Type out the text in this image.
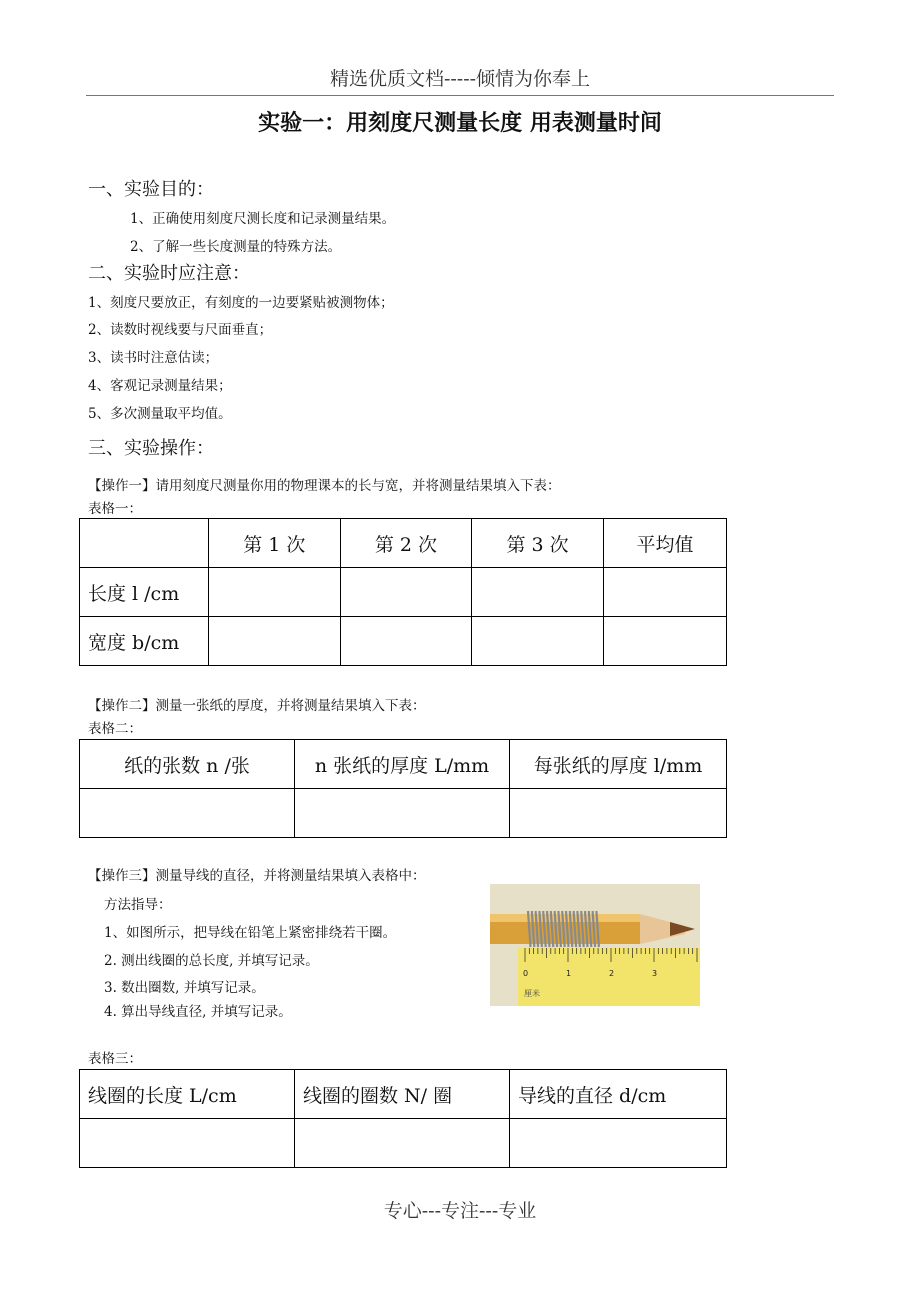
精选优质文档-----倾情为你奉上
实验一：用刻度尺测量长度 用表测量时间
一、实验目的：
1、正确使用刻度尺测长度和记录测量结果。
2、了解一些长度测量的特殊方法。
二、实验时应注意：
1、刻度尺要放正，有刻度的一边要紧贴被测物体；
2、读数时视线要与尺面垂直；
3、读书时注意估读；
4、客观记录测量结果；
5、多次测量取平均值。
三、实验操作：
【操作一】请用刻度尺测量你用的物理课本的长与宽，并将测量结果填入下表：
表格一：
	第 1 次	第 2 次	第 3 次	平均值
长度 l /cm				
宽度 b/cm				
【操作二】测量一张纸的厚度，并将测量结果填入下表：
表格二：
纸的张数 n /张	n 张纸的厚度 L/mm	每张纸的厚度 l/mm

【操作三】测量导线的直径，并将测量结果填入表格中：
方法指导：
1、如图所示，把导线在铅笔上紧密排绕若干圈。
2. 测出线圈的总长度, 并填写记录。
3. 数出圈数, 并填写记录。
4. 算出导线直径, 并填写记录。
0	1	2	3
厘米
表格三：
线圈的长度 L/cm	线圈的圈数 N/ 圈	导线的直径 d/cm

专心---专注---专业
